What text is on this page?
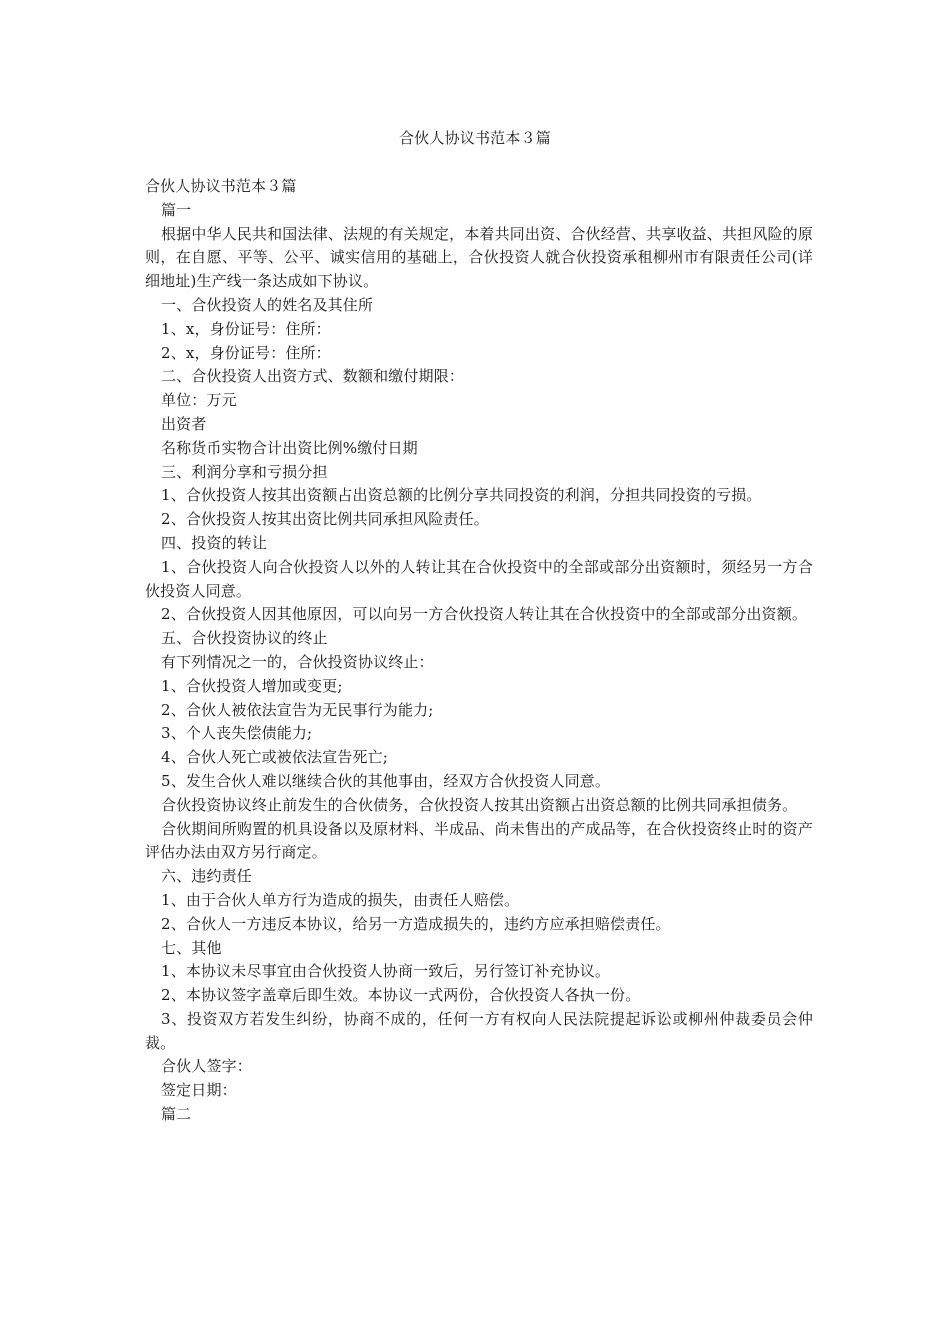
合伙人协议书范本３篇
合伙人协议书范本３篇
篇一
根据中华人民共和国法律、法规的有关规定，本着共同出资、合伙经营、共享收益、共担风险的原则，在自愿、平等、公平、诚实信用的基础上，合伙投资人就合伙投资承租柳州市有限责任公司(详细地址)生产线一条达成如下协议。
一、合伙投资人的姓名及其住所
1、x，身份证号：住所：
2、x，身份证号：住所：
二、合伙投资人出资方式、数额和缴付期限：
单位：万元
出资者
名称货币实物合计出资比例%缴付日期
三、利润分享和亏损分担
1、合伙投资人按其出资额占出资总额的比例分享共同投资的利润，分担共同投资的亏损。
2、合伙投资人按其出资比例共同承担风险责任。
四、投资的转让
1、合伙投资人向合伙投资人以外的人转让其在合伙投资中的全部或部分出资额时，须经另一方合伙投资人同意。
2、合伙投资人因其他原因，可以向另一方合伙投资人转让其在合伙投资中的全部或部分出资额。
五、合伙投资协议的终止
有下列情况之一的，合伙投资协议终止：
1、合伙投资人增加或变更;
2、合伙人被依法宣告为无民事行为能力;
3、个人丧失偿债能力;
4、合伙人死亡或被依法宣告死亡;
5、发生合伙人难以继续合伙的其他事由，经双方合伙投资人同意。
合伙投资协议终止前发生的合伙债务，合伙投资人按其出资额占出资总额的比例共同承担债务。
合伙期间所购置的机具设备以及原材料、半成品、尚未售出的产成品等，在合伙投资终止时的资产评估办法由双方另行商定。
六、违约责任
1、由于合伙人单方行为造成的损失，由责任人赔偿。
2、合伙人一方违反本协议，给另一方造成损失的，违约方应承担赔偿责任。
七、其他
1、本协议未尽事宜由合伙投资人协商一致后，另行签订补充协议。
2、本协议签字盖章后即生效。本协议一式两份，合伙投资人各执一份。
3、投资双方若发生纠纷，协商不成的，任何一方有权向人民法院提起诉讼或柳州仲裁委员会仲裁。
合伙人签字：
签定日期：
篇二
